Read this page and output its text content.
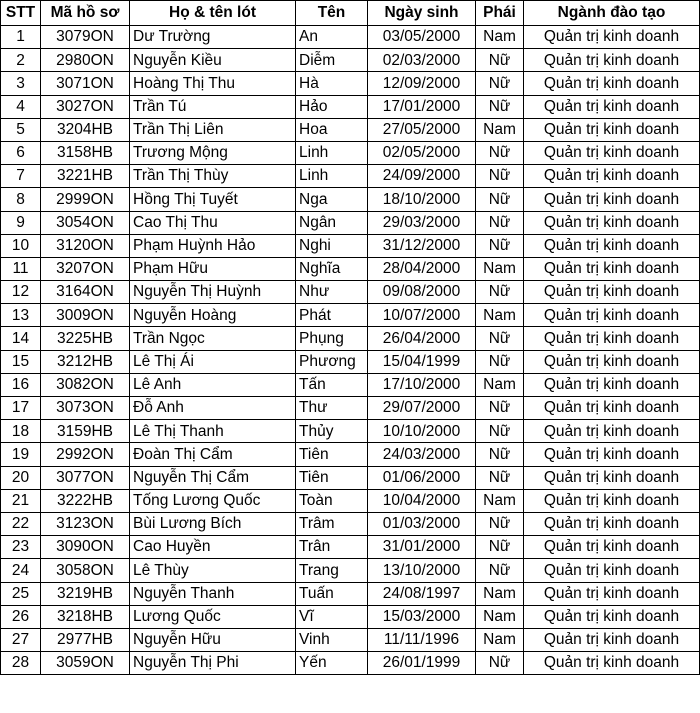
STT	Mã hồ sơ	Họ & tên lót	Tên	Ngày sinh	Phái	Ngành đào tạo
1	3079ON	Dư Trường	An	03/05/2000	Nam	Quản trị kinh doanh
2	2980ON	Nguyễn Kiều	Diễm	02/03/2000	Nữ	Quản trị kinh doanh
3	3071ON	Hoàng Thị Thu	Hà	12/09/2000	Nữ	Quản trị kinh doanh
4	3027ON	Trần Tú	Hảo	17/01/2000	Nữ	Quản trị kinh doanh
5	3204HB	Trần Thị Liên	Hoa	27/05/2000	Nam	Quản trị kinh doanh
6	3158HB	Trương Mộng	Linh	02/05/2000	Nữ	Quản trị kinh doanh
7	3221HB	Trần Thị Thùy	Linh	24/09/2000	Nữ	Quản trị kinh doanh
8	2999ON	Hồng Thị Tuyết	Nga	18/10/2000	Nữ	Quản trị kinh doanh
9	3054ON	Cao Thị Thu	Ngân	29/03/2000	Nữ	Quản trị kinh doanh
10	3120ON	Phạm Huỳnh Hảo	Nghi	31/12/2000	Nữ	Quản trị kinh doanh
11	3207ON	Phạm Hữu	Nghĩa	28/04/2000	Nam	Quản trị kinh doanh
12	3164ON	Nguyễn Thị Huỳnh	Như	09/08/2000	Nữ	Quản trị kinh doanh
13	3009ON	Nguyễn Hoàng	Phát	10/07/2000	Nam	Quản trị kinh doanh
14	3225HB	Trần Ngọc	Phụng	26/04/2000	Nữ	Quản trị kinh doanh
15	3212HB	Lê Thị Ái	Phương	15/04/1999	Nữ	Quản trị kinh doanh
16	3082ON	Lê Anh	Tấn	17/10/2000	Nam	Quản trị kinh doanh
17	3073ON	Đỗ Anh	Thư	29/07/2000	Nữ	Quản trị kinh doanh
18	3159HB	Lê Thị Thanh	Thủy	10/10/2000	Nữ	Quản trị kinh doanh
19	2992ON	Đoàn Thị Cẩm	Tiên	24/03/2000	Nữ	Quản trị kinh doanh
20	3077ON	Nguyễn Thị Cẩm	Tiên	01/06/2000	Nữ	Quản trị kinh doanh
21	3222HB	Tống Lương Quốc	Toàn	10/04/2000	Nam	Quản trị kinh doanh
22	3123ON	Bùi Lương Bích	Trâm	01/03/2000	Nữ	Quản trị kinh doanh
23	3090ON	Cao Huyền	Trân	31/01/2000	Nữ	Quản trị kinh doanh
24	3058ON	Lê Thùy	Trang	13/10/2000	Nữ	Quản trị kinh doanh
25	3219HB	Nguyễn Thanh	Tuấn	24/08/1997	Nam	Quản trị kinh doanh
26	3218HB	Lương Quốc	Vĩ	15/03/2000	Nam	Quản trị kinh doanh
27	2977HB	Nguyễn Hữu	Vinh	11/11/1996	Nam	Quản trị kinh doanh
28	3059ON	Nguyễn Thị Phi	Yến	26/01/1999	Nữ	Quản trị kinh doanh
